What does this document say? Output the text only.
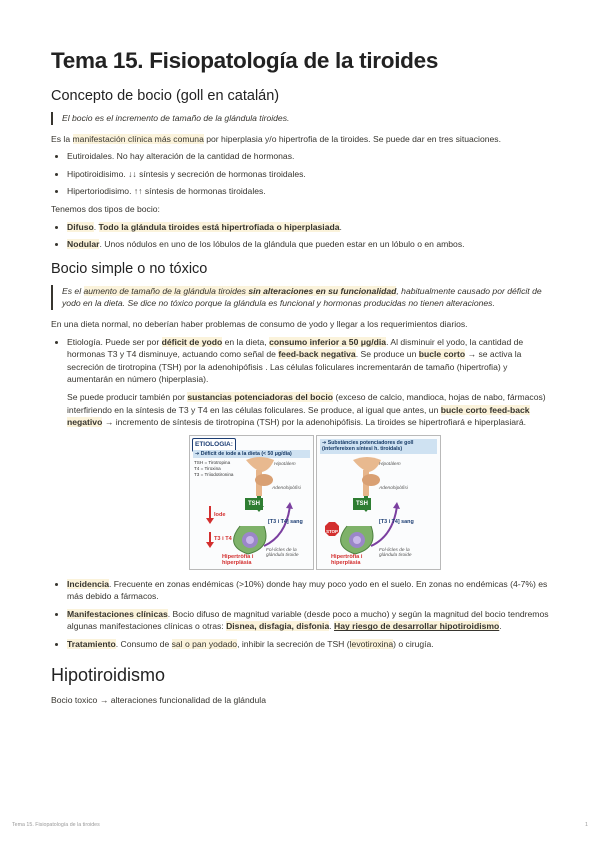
Tema 15. Fisiopatología de la tiroides
Concepto de bocio (goll en catalán)
El bocio es el incremento de tamaño de la glándula tiroides.

Es la manifestación clínica más comuna por hiperplasia y/o hipertrofia de la tiroides. Se puede dar en tres situaciones.

• Eutiroidales. No hay alteración de la cantidad de hormonas.
• Hipotiroidisimo. ↓↓ síntesis y secreción de hormonas tiroidales.
• Hipertoriodisimo. ↑↑ síntesis de hormonas tiroidales.

Tenemos dos tipos de bocio:

• Difuso. Todo la glándula tiroides está hipertrofiada o hiperplasiada.
• Nodular. Unos nódulos en uno de los lóbulos de la glándula que pueden estar en un lóbulo o en ambos.
Bocio simple o no tóxico
Es el aumento de tamaño de la glándula tiroides sin alteraciones en su funcionalidad, habitualmente causado por déficit de yodo en la dieta. Se dice no tóxico porque la glándula es funcional y hormonas producidas no tienen alteraciones.

En una dieta normal, no deberían haber problemas de consumo de yodo y llegar a los requerimientos diarios.

• Etiología. Puede ser por déficit de yodo en la dieta, consumo inferior a 50 μg/dia. Al disminuir el yodo, la cantidad de hormonas T3 y T4 disminuye, actuando como señal de feed-back negativa. Se produce un bucle corto → se activa la secreción de tirotropina (TSH) por la adenohipófisis . Las células foliculares incrementarán de tamaño (hipertrofia) y aumentarán en número (hiperplasia).
Se puede producir también por sustancias potenciadoras del bocio (exceso de calcio, mandioca, hojas de nabo, fármacos) interfiriendo en la síntesis de T3 y T4 en las células foliculares. Se produce, al igual que antes, un bucle corto feed-back negativo → incremento de síntesis de tirotropina (TSH) por la adenohipófisis. La tiroides se hipertrofiará e hiperplasiará.
ETIOLOGIA:
➔ Déficit de iode a la dieta (< 50 μg/dia)
TSH = Tirotropina
T4 = Tiroxina
T3 = Triiodotironina
Hipotàlem
Adenohipòfisi
TSH
[T3 i T4] sang
Iode
T3 i T4
Hipertròfia i hiperplàsia
Fol·licles de la glàndula tiroide
➔ Substàncies potenciadores de goll (interfereixen síntesi h. tiroidals)
Hipotàlem
Adenohipòfisi
TSH
[T3 i T4] sang
STOP
Hipertròfia i hiperplàsia
Fol·licles de la glàndula tiroide
• Incidencia. Frecuente en zonas endémicas (>10%) donde hay muy poco yodo en el suelo. En zonas no endémicas (4-7%) es más debido a fármacos.
• Manifestaciones clínicas. Bocio difuso de magnitud variable (desde poco a mucho) y según la magnitud del bocio tendremos algunas manifestaciones clínicas o otras: Disnea, disfagia, disfonia. Hay riesgo de desarrollar hipotiroidismo.
• Tratamiento. Consumo de sal o pan yodado, inhibir la secreción de TSH (levotiroxina) o cirugía.
Hipotiroidismo

Bocio toxico → alteraciones funcionalidad de la glándula

Tema 15. Fisiopatología de la tiroides	1
